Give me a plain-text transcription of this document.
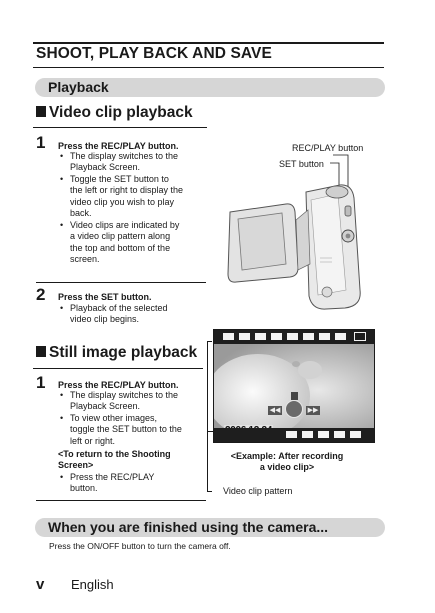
SHOOT, PLAY BACK AND SAVE
Playback
Video clip playback
1 Press the REC/PLAY button.
• The display switches to the
Playback Screen.
• Toggle the SET button to
the left or right to display the
video clip you wish to play
back.
• Video clips are indicated by
a video clip pattern along
the top and bottom of the
screen.
2 Press the SET button.
• Playback of the selected
video clip begins.
Still image playback
1 Press the REC/PLAY button.
• The display switches to the
Playback Screen.
• To view other images,
toggle the SET button to the
left or right.
<To return to the Shooting
Screen>
• Press the REC/PLAY
button.
REC/PLAY button
SET button
◀◀	▶▶
<Example: After recording
a video clip>
Video clip pattern
When you are finished using the camera...
Press the ON/OFF button to turn the camera off.
v English
